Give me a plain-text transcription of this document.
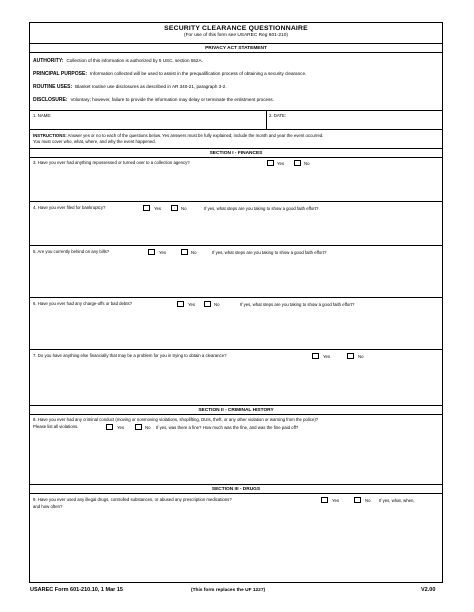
SECURITY CLEARANCE QUESTIONNAIRE
(For use of this form see USAREC Reg 601-210)
PRIVACY ACT STATEMENT
AUTHORITY: Collection of this information is authorized by 5 USC, section 552A.
PRINCIPAL PURPOSE: Information collected will be used to assist in the prequalification process of obtaining a security clearance.
ROUTINE USES: Blanket routine use disclosures as described in AR 340-21, paragraph 3-2.
DISCLOSURE: Voluntary; however, failure to provide the information may delay or terminate the enlistment process.
1. NAME:	2. DATE:
INSTRUCTIONS: Answer yes or no to each of the questions below. Yes answers must be fully explained; include the month and year the event occurred.
You must cover who, what, where, and why the event happened.
SECTION I - FINANCES
3. Have you ever had anything repossessed or turned over to a collection agency?	Yes	No
4. Have you ever filed for bankruptcy?	Yes	No	If yes, what steps are you taking to show a good faith effort?
5. Are you currently behind on any bills?	Yes	No	If yes, what steps are you taking to show a good faith effort?
6. Have you ever had any charge-offs or bad debts?	Yes	No	If yes, what steps are you taking to show a good faith effort?
7. Do you have anything else financially that may be a problem for you in trying to obtain a clearance?	Yes	No
SECTION II - CRIMINAL HISTORY
8. Have you ever had any criminal conduct (moving or nonmoving violations, shoplifting, DUIs, theft, or any other violation or warning from the police)?
Please list all violations.	Yes	No If yes, was there a fine? How much was the fine, and was the fine paid off?
SECTION III - DRUGS
9. Have you ever used any illegal drugs, controlled substances, or abused any prescription medications?	Yes	No If yes, what, when,
and how often?
USAREC Form 601-210.10, 1 Mar 15	(This form replaces the UF 1227)	V2.00
